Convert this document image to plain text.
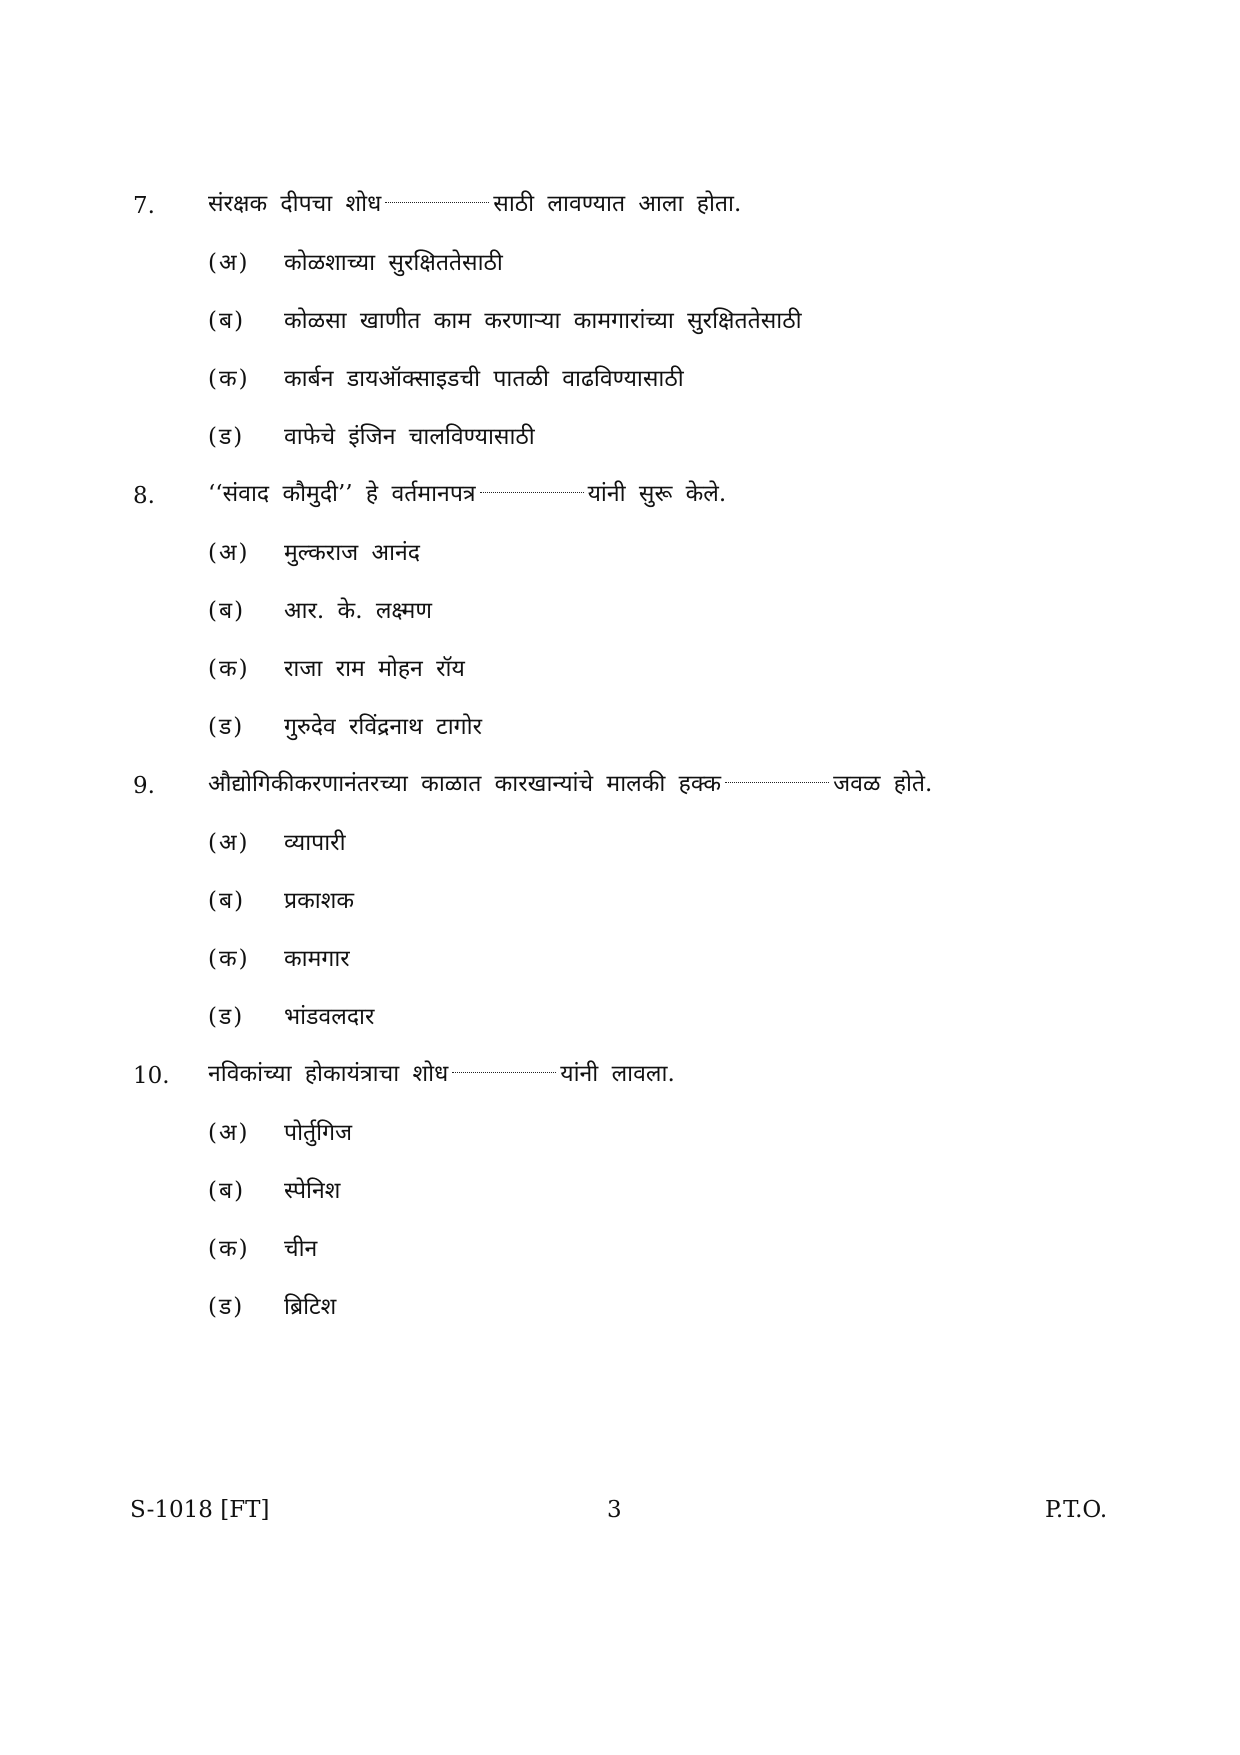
7. संरक्षक दीपचा शोध	साठी लावण्यात आला होता.
(अ) कोळशाच्या सुरक्षिततेसाठी
(ब) कोळसा खाणीत काम करणाऱ्या कामगारांच्या सुरक्षिततेसाठी
(क) कार्बन डायऑक्साइडची पातळी वाढविण्यासाठी
(ड) वाफेचे इंजिन चालविण्यासाठी
8. ‘‘संवाद कौमुदी’’ हे वर्तमानपत्र	यांनी सुरू केले.
(अ) मुल्कराज आनंद
(ब) आर. के. लक्ष्मण
(क) राजा राम मोहन रॉय
(ड) गुरुदेव रविंद्रनाथ टागोर
9. औद्योगिकीकरणानंतरच्या काळात कारखान्यांचे मालकी हक्क	जवळ होते.
(अ) व्यापारी
(ब) प्रकाशक
(क) कामगार
(ड) भांडवलदार
10. नविकांच्या होकायंत्राचा शोध	यांनी लावला.
(अ) पोर्तुगिज
(ब) स्पेनिश
(क) चीन
(ड) ब्रिटिश
S-1018 [FT]	3	P.T.O.
